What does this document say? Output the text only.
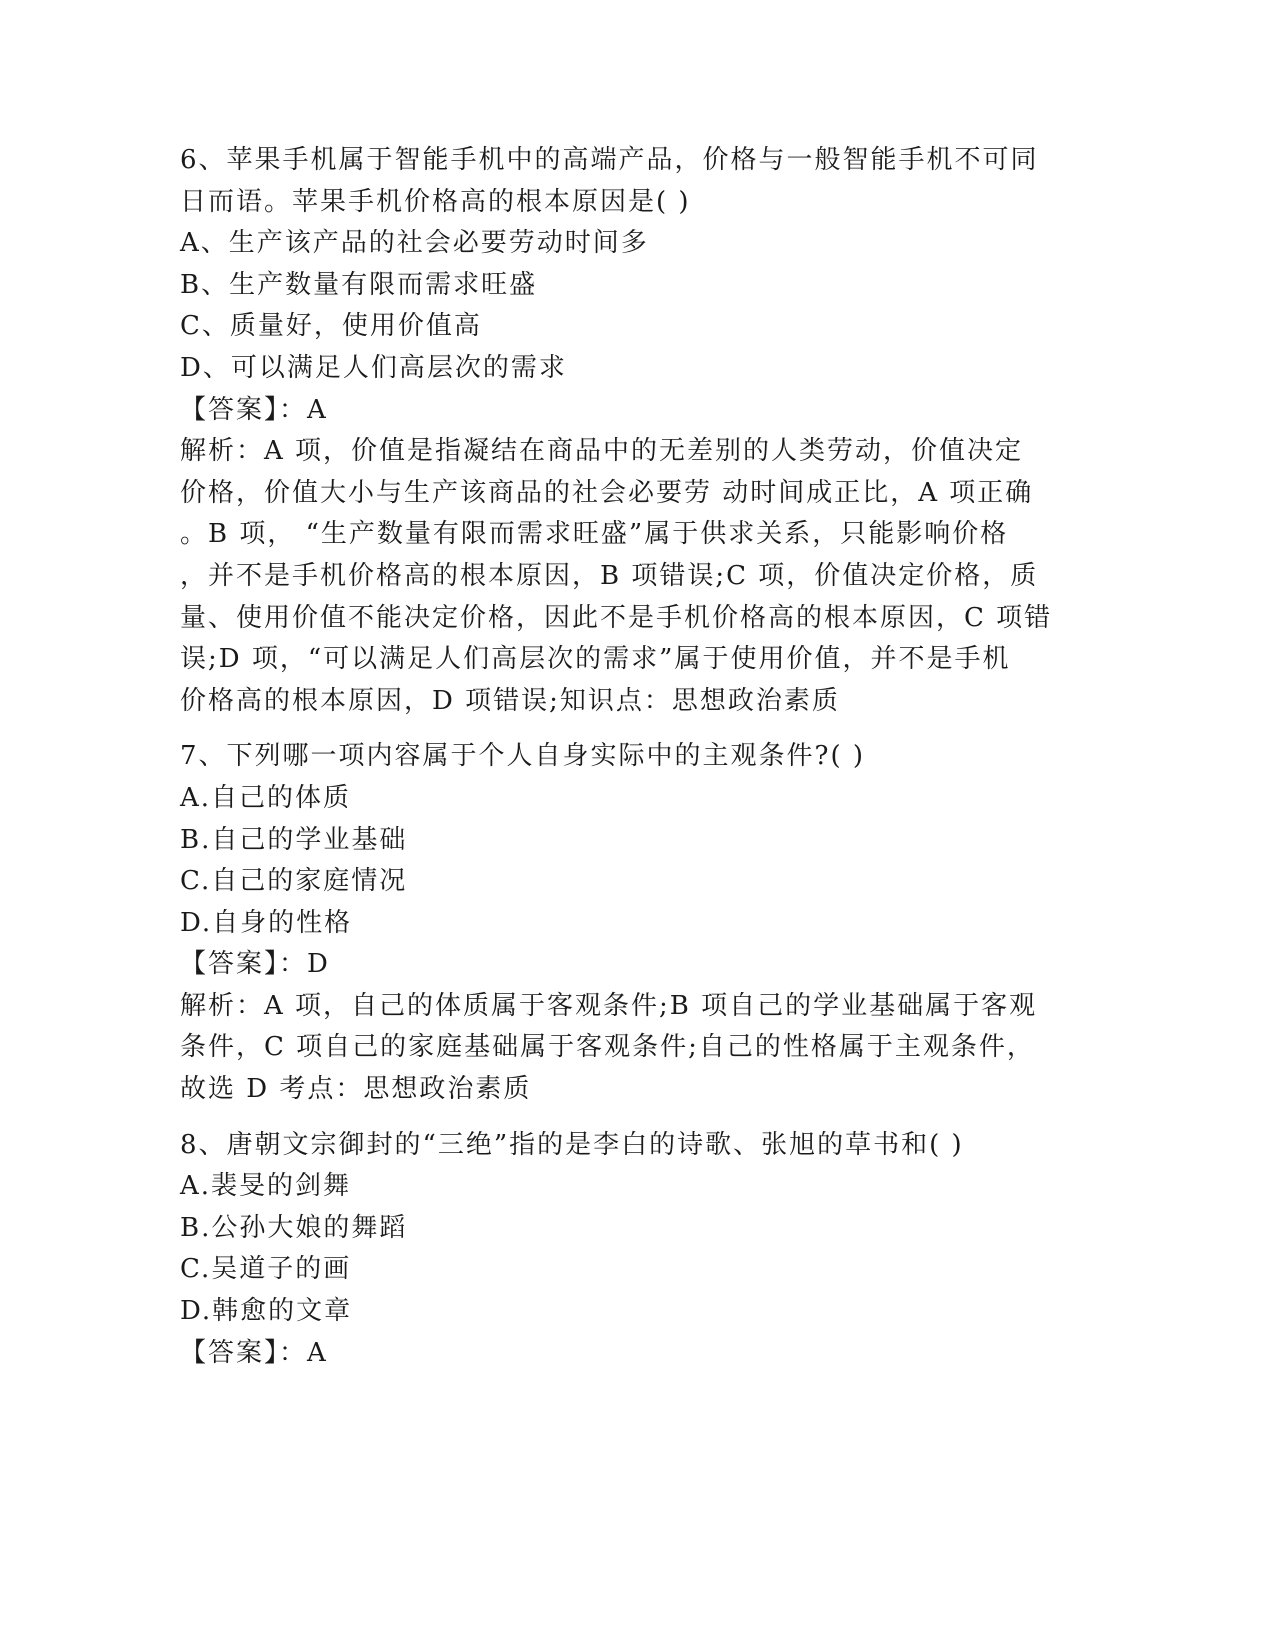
6、苹果手机属于智能手机中的高端产品，价格与一般智能手机不可同
日而语。苹果手机价格高的根本原因是( )
A、生产该产品的社会必要劳动时间多
B、生产数量有限而需求旺盛
C、质量好，使用价值高
D、可以满足人们高层次的需求
【答案】：A
解析：A 项，价值是指凝结在商品中的无差别的人类劳动，价值决定
价格，价值大小与生产该商品的社会必要劳 动时间成正比，A 项正确
。B 项， “生产数量有限而需求旺盛”属于供求关系，只能影响价格
，并不是手机价格高的根本原因，B 项错误;C 项，价值决定价格，质
量、使用价值不能决定价格，因此不是手机价格高的根本原因，C 项错
误;D 项，“可以满足人们高层次的需求”属于使用价值，并不是手机
价格高的根本原因，D 项错误;知识点：思想政治素质
7、下列哪一项内容属于个人自身实际中的主观条件?( )
A.自己的体质
B.自己的学业基础
C.自己的家庭情况
D.自身的性格
【答案】：D
解析：A 项，自己的体质属于客观条件;B 项自己的学业基础属于客观
条件，C 项自己的家庭基础属于客观条件;自己的性格属于主观条件，
故选 D 考点：思想政治素质
8、唐朝文宗御封的“三绝”指的是李白的诗歌、张旭的草书和( )
A.裴旻的剑舞
B.公孙大娘的舞蹈
C.吴道子的画
D.韩愈的文章
【答案】：A
